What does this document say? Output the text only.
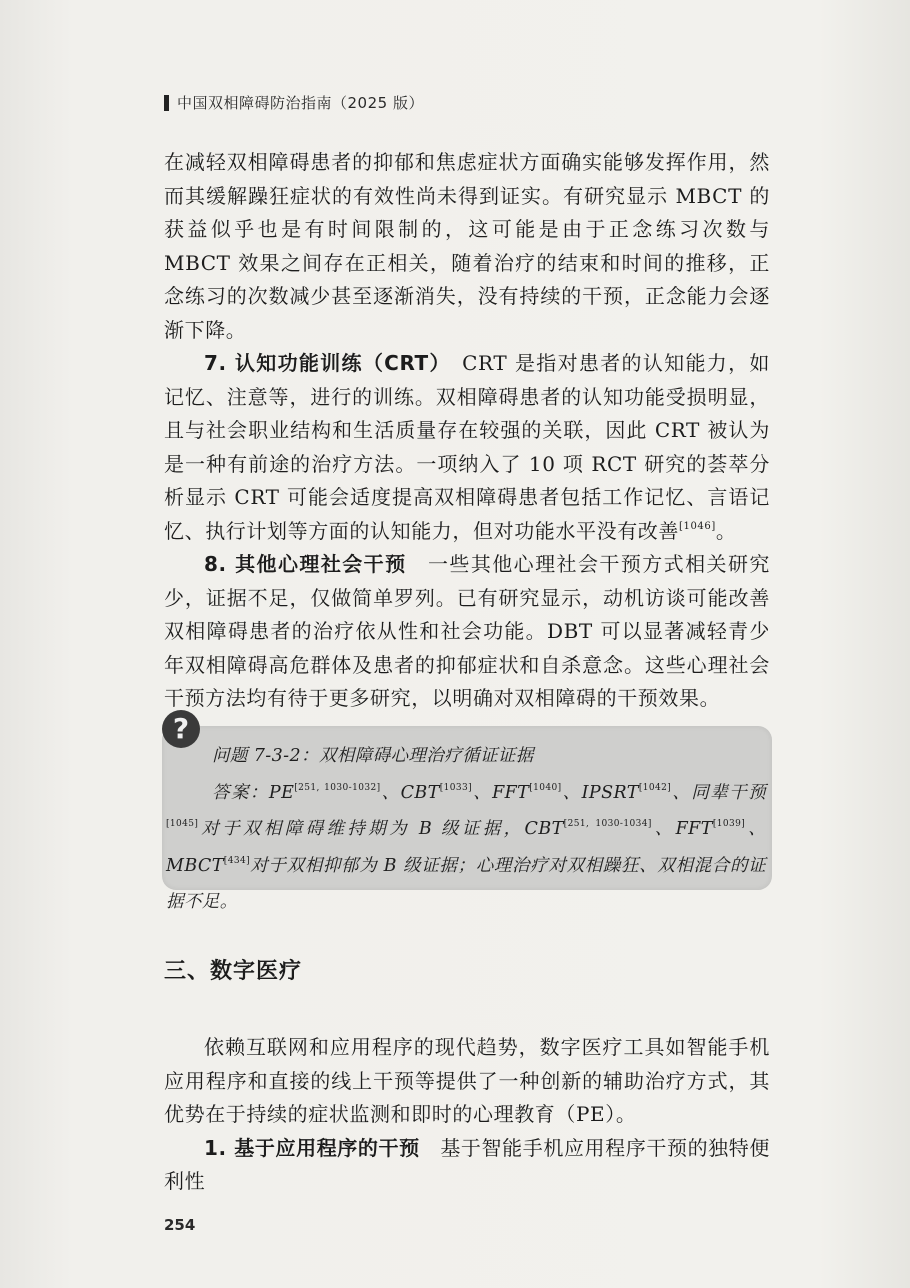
中国双相障碍防治指南（2025 版）

在减轻双相障碍患者的抑郁和焦虑症状方面确实能够发挥作用，然而其缓解躁狂症状的有效性尚未得到证实。有研究显示 MBCT 的获益似乎也是有时间限制的，这可能是由于正念练习次数与 MBCT 效果之间存在正相关，随着治疗的结束和时间的推移，正念练习的次数减少甚至逐渐消失，没有持续的干预，正念能力会逐渐下降。

7. 认知功能训练（CRT）　 CRT 是指对患者的认知能力，如记忆、注意等，进行的训练。双相障碍患者的认知功能受损明显，且与社会职业结构和生活质量存在较强的关联，因此 CRT 被认为是一种有前途的治疗方法。一项纳入了 10 项 RCT 研究的荟萃分析显示 CRT 可能会适度提高双相障碍患者包括工作记忆、言语记忆、执行计划等方面的认知能力，但对功能水平没有改善[1046]。

8. 其他心理社会干预　 一些其他心理社会干预方式相关研究少，证据不足，仅做简单罗列。已有研究显示，动机访谈可能改善双相障碍患者的治疗依从性和社会功能。DBT 可以显著减轻青少年双相障碍高危群体及患者的抑郁症状和自杀意念。这些心理社会干预方法均有待于更多研究，以明确对双相障碍的干预效果。

?
问题 7-3-2：双相障碍心理治疗循证证据

答案：PE[251, 1030-1032]、CBT[1033]、FFT[1040]、IPSRT[1042]、同辈干预[1045]对于双相障碍维持期为 B 级证据，CBT[251, 1030-1034]、FFT[1039]、MBCT[434]对于双相抑郁为 B 级证据；心理治疗对双相躁狂、双相混合的证据不足。

三、数字医疗

依赖互联网和应用程序的现代趋势，数字医疗工具如智能手机应用程序和直接的线上干预等提供了一种创新的辅助治疗方式，其优势在于持续的症状监测和即时的心理教育（PE）。

1. 基于应用程序的干预　 基于智能手机应用程序干预的独特便利性

254
